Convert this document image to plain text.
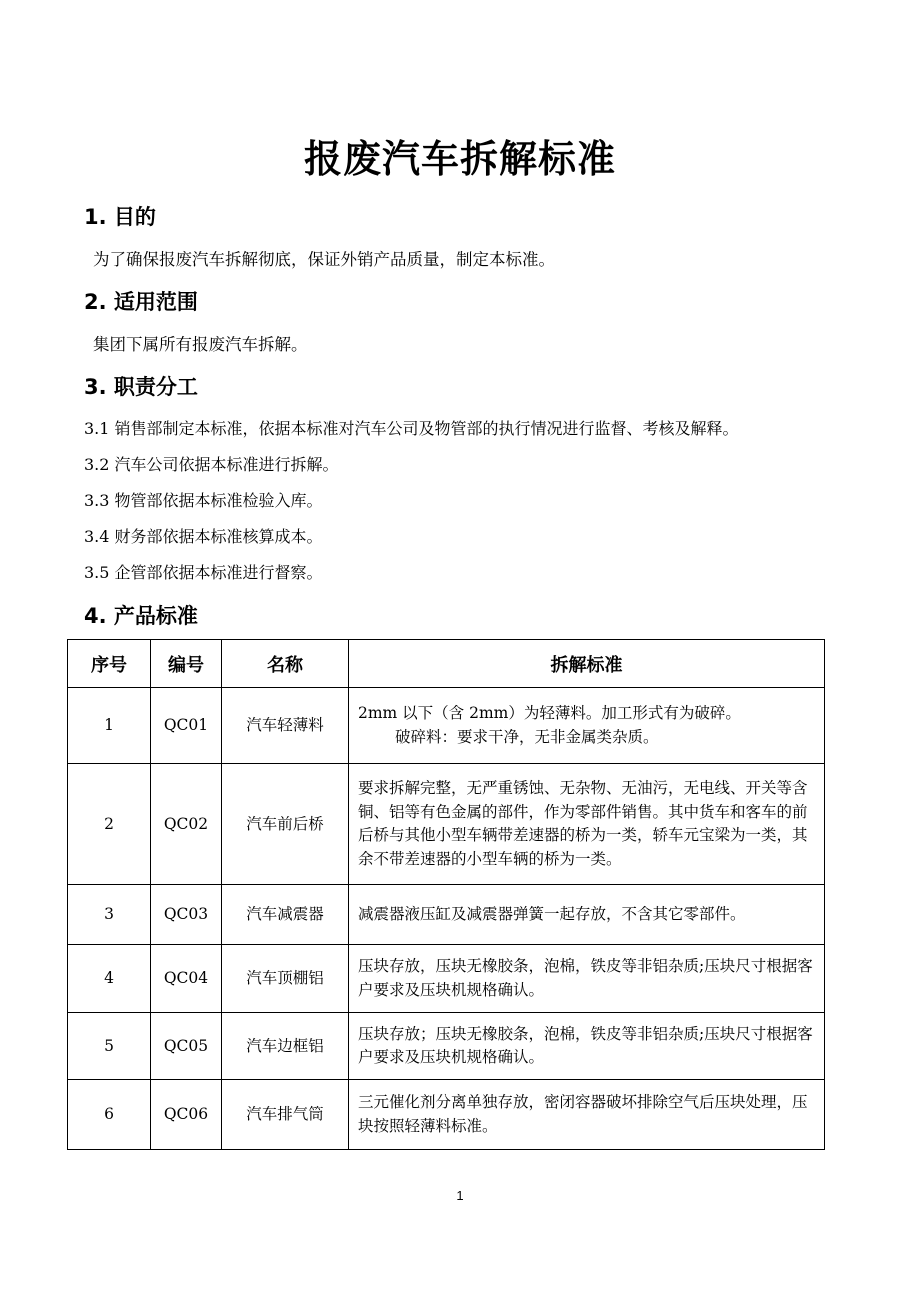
报废汽车拆解标准
1. 目的
为了确保报废汽车拆解彻底，保证外销产品质量，制定本标准。
2. 适用范围
集团下属所有报废汽车拆解。
3. 职责分工
3.1 销售部制定本标准，依据本标准对汽车公司及物管部的执行情况进行监督、考核及解释。
3.2 汽车公司依据本标准进行拆解。
3.3 物管部依据本标准检验入库。
3.4 财务部依据本标准核算成本。
3.5 企管部依据本标准进行督察。
4. 产品标准
序号	编号	名称	拆解标准
1	QC01	汽车轻薄料	2mm 以下（含 2mm）为轻薄料。加工形式有为破碎。
破碎料：要求干净，无非金属类杂质。

2	QC02	汽车前后桥	要求拆解完整，无严重锈蚀、无杂物、无油污，无电线、开关等含铜、铝等有色金属的部件，作为零部件销售。其中货车和客车的前后桥与其他小型车辆带差速器的桥为一类，轿车元宝梁为一类，其余不带差速器的小型车辆的桥为一类。
3	QC03	汽车减震器	减震器液压缸及减震器弹簧一起存放，不含其它零部件。
4	QC04	汽车顶棚铝	压块存放，压块无橡胶条，泡棉，铁皮等非铝杂质;压块尺寸根据客户要求及压块机规格确认。
5	QC05	汽车边框铝	压块存放；压块无橡胶条，泡棉，铁皮等非铝杂质;压块尺寸根据客户要求及压块机规格确认。
6	QC06	汽车排气筒	三元催化剂分离单独存放，密闭容器破坏排除空气后压块处理，压块按照轻薄料标准。
1
